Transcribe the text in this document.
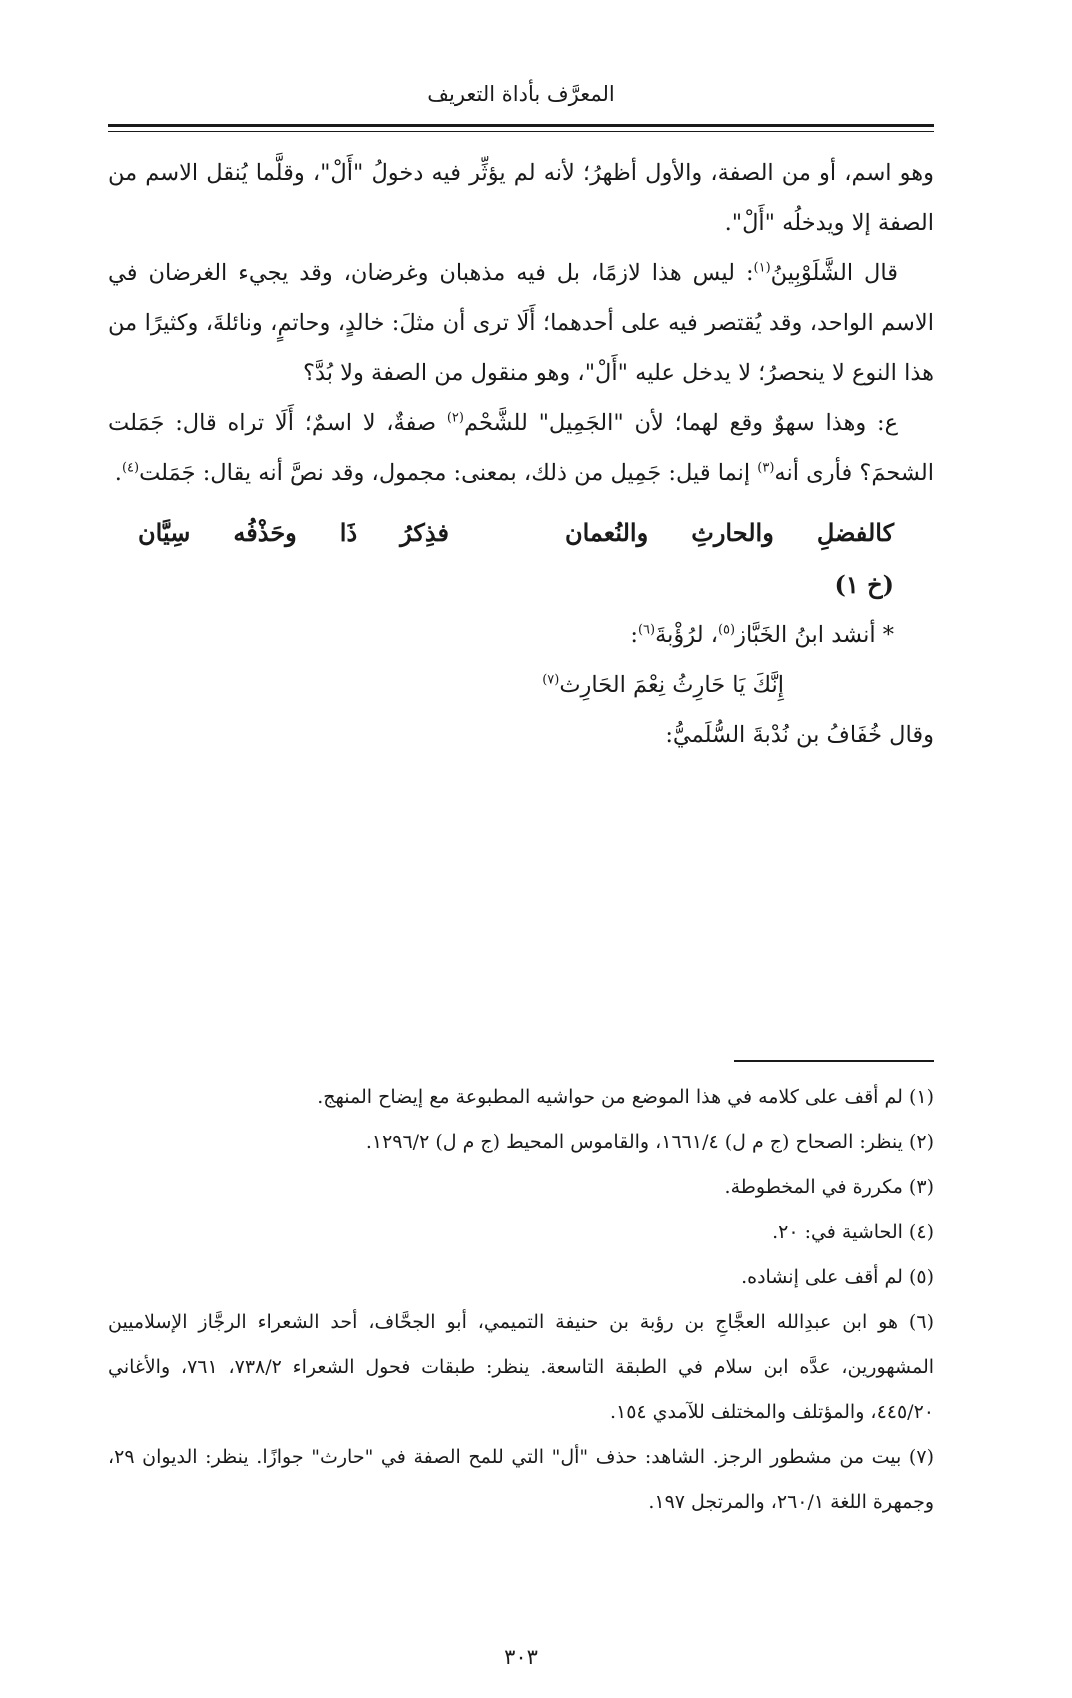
المعرَّف بأداة التعريف

وهو اسم، أو من الصفة، والأول أظهرُ؛ لأنه لم يؤثِّر فيه دخولُ "أَلْ"، وقلَّما يُنقل الاسم من الصفة إلا ويدخلُه "أَلْ".

قال الشَّلَوْبِينُ$^{(١)}$: ليس هذا لازمًا، بل فيه مذهبان وغرضان، وقد يجيء الغرضان في الاسم الواحد، وقد يُقتصر فيه على أحدهما؛ أَلَا ترى أن مثلَ: خالدٍ، وحاتمٍ، ونائلةَ، وكثيرًا من هذا النوع لا ينحصرُ؛ لا يدخل عليه "أَلْ"، وهو منقول من الصفة ولا بُدَّ؟

ع: وهذا سهوٌ وقع لهما؛ لأن "الجَمِيل" للشَّحْم$^{(٢)}$ صفةٌ، لا اسمٌ؛ أَلَا تراه قال: جَمَلت الشحمَ؟ فأرى أنه$^{(٣)}$ إنما قيل: جَمِيل من ذلك، بمعنى: مجمول، وقد نصَّ أنه يقال: جَمَلت$^{(٤)}$.

كالفضلِ
والحارثِ
والنُعمان
فذِكرُ
ذَا
وحَذْفُه
سِيَّان
(خ ١)

* أنشد ابنُ الخَبَّاز$^{(٥)}$، لرُؤْبةَ$^{(٦)}$:

إِنَّكَ يَا حَارِثُ نِعْمَ الحَارِث$^{(٧)}$

وقال خُفَافُ بن نُدْبةَ السُّلَميُّ:

(١) لم أقف على كلامه في هذا الموضع من حواشيه المطبوعة مع إيضاح المنهج.

(٢) ينظر: الصحاح (ج م ل) ١٦٦١/٤، والقاموس المحيط (ج م ل) ١٢٩٦/٢.

(٣) مكررة في المخطوطة.

(٤) الحاشية في: ٢٠.

(٥) لم أقف على إنشاده.

(٦) هو ابن عبدِالله العجَّاجِ بن رؤبة بن حنيفة التميمي، أبو الجحَّاف، أحد الشعراء الرجَّاز الإسلاميين المشهورين، عدَّه ابن سلام في الطبقة التاسعة. ينظر: طبقات فحول الشعراء ٧٣٨/٢، ٧٦١، والأغاني ٤٤٥/٢٠، والمؤتلف والمختلف للآمدي ١٥٤.

(٧) بيت من مشطور الرجز. الشاهد: حذف "أل" التي للمح الصفة في "حارث" جوازًا. ينظر: الديوان ٢٩، وجمهرة اللغة ٢٦٠/١، والمرتجل ١٩٧.

٣٠٣
